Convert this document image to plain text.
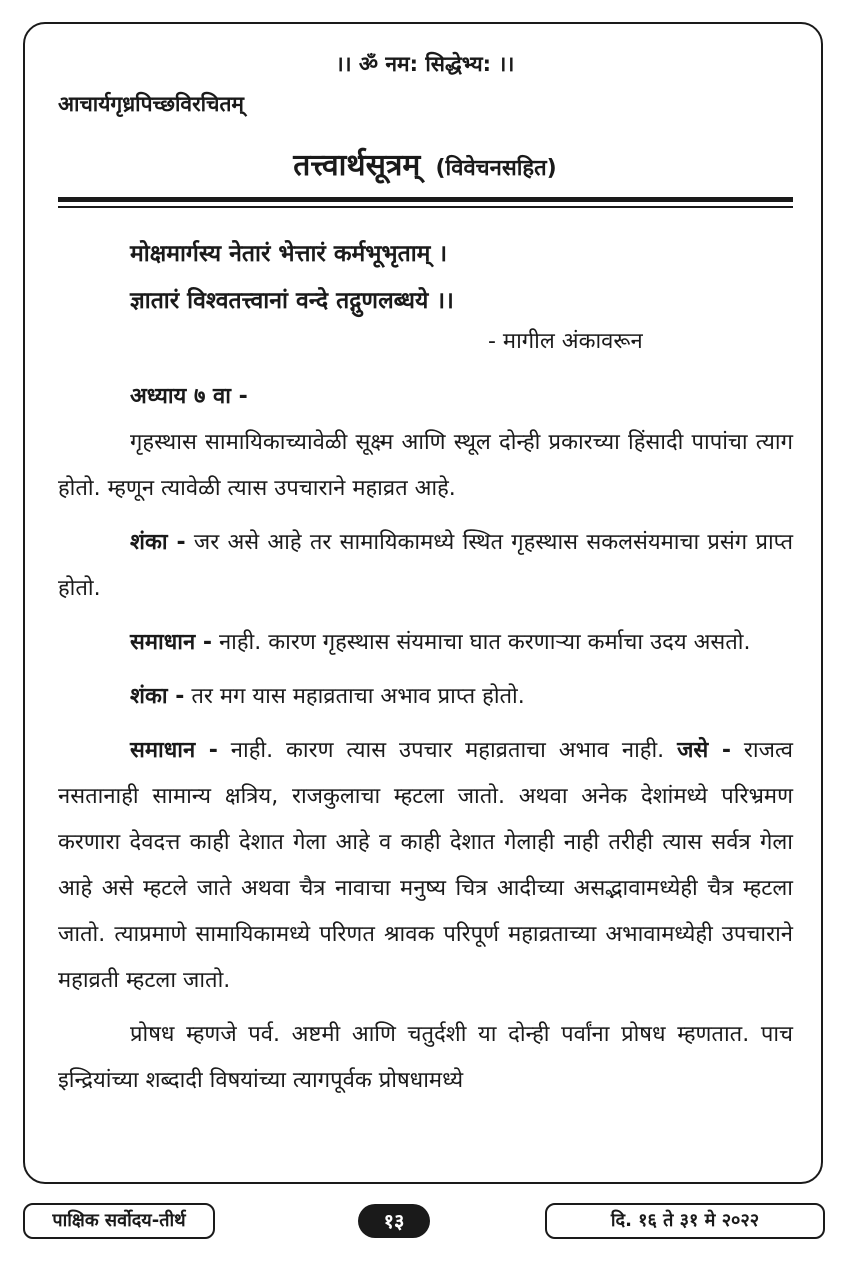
।। ॐ नम: सिद्धेभ्य: ।।
आचार्यगृध्रपिच्छविरचितम्
तत्त्वार्थसूत्रम् (विवेचनसहित)
मोक्षमार्गस्य नेतारं भेत्तारं कर्मभूभृताम् ।
ज्ञातारं विश्वतत्त्वानां वन्दे तद्गुणलब्धये ।।
- मागील अंकावरून
अध्याय ७ वा -

गृहस्थास सामायिकाच्यावेळी सूक्ष्म आणि स्थूल दोन्ही प्रकारच्या हिंसादी पापांचा त्याग होतो. म्हणून त्यावेळी त्यास उपचाराने महाव्रत आहे.

शंका - जर असे आहे तर सामायिकामध्ये स्थित गृहस्थास सकलसंयमाचा प्रसंग प्राप्त होतो.

समाधान - नाही. कारण गृहस्थास संयमाचा घात करणाऱ्या कर्माचा उदय असतो.

शंका - तर मग यास महाव्रताचा अभाव प्राप्त होतो.

समाधान - नाही. कारण त्यास उपचार महाव्रताचा अभाव नाही. जसे - राजत्व नसतानाही सामान्य क्षत्रिय, राजकुलाचा म्हटला जातो. अथवा अनेक देशांमध्ये परिभ्रमण करणारा देवदत्त काही देशात गेला आहे व काही देशात गेलाही नाही तरीही त्यास सर्वत्र गेला आहे असे म्हटले जाते अथवा चैत्र नावाचा मनुष्य चित्र आदीच्या असद्भावामध्येही चैत्र म्हटला जातो. त्याप्रमाणे सामायिकामध्ये परिणत श्रावक परिपूर्ण महाव्रताच्या अभावामध्येही उपचाराने महाव्रती म्हटला जातो.

प्रोषध म्हणजे पर्व. अष्टमी आणि चतुर्दशी या दोन्ही पर्वांना प्रोषध म्हणतात. पाच इन्द्रियांच्या शब्दादी विषयांच्या त्यागपूर्वक प्रोषधामध्ये

पाक्षिक सर्वोदय-तीर्थ	१३	दि. १६ ते ३१ मे २०२२
